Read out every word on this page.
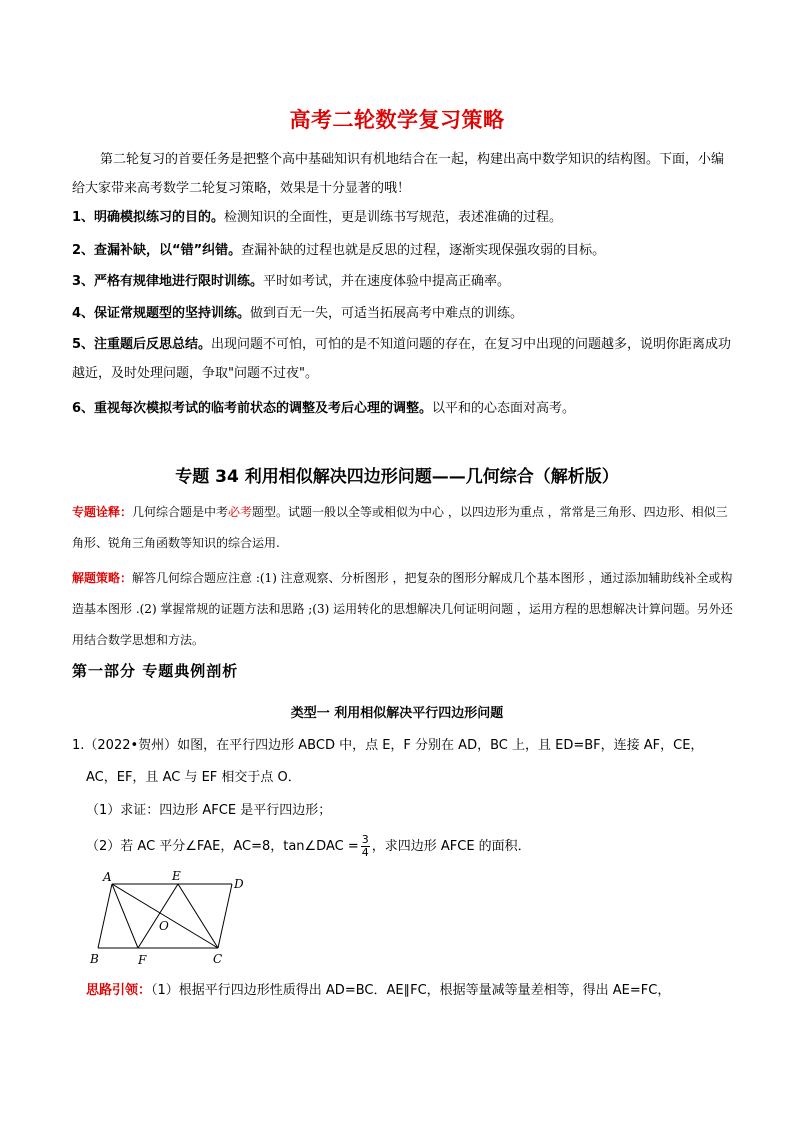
高考二轮数学复习策略
第二轮复习的首要任务是把整个高中基础知识有机地结合在一起，构建出高中数学知识的结构图。下面，小编给大家带来高考数学二轮复习策略，效果是十分显著的哦！
1、明确模拟练习的目的。检测知识的全面性，更是训练书写规范，表述准确的过程。
2、查漏补缺，以“错”纠错。查漏补缺的过程也就是反思的过程，逐渐实现保强攻弱的目标。
3、严格有规律地进行限时训练。平时如考试，并在速度体验中提高正确率。
4、保证常规题型的坚持训练。做到百无一失，可适当拓展高考中难点的训练。
5、注重题后反思总结。出现问题不可怕，可怕的是不知道问题的存在，在复习中出现的问题越多，说明你距离成功越近，及时处理问题，争取"问题不过夜"。
6、重视每次模拟考试的临考前状态的调整及考后心理的调整。以平和的心态面对高考。
专题 34 利用相似解决四边形问题——几何综合（解析版）
专题诠释：几何综合题是中考必考题型。试题一般以全等或相似为中心 ，以四边形为重点 ，常常是三角形、四边形、相似三角形、锐角三角函数等知识的综合运用.
解题策略：解答几何综合题应注意 :(1) 注意观察、分析图形 ，把复杂的图形分解成几个基本图形 ，通过添加辅助线补全或构造基本图形 .(2) 掌握常规的证题方法和思路 ;(3) 运用转化的思想解决几何证明问题 ，运用方程的思想解决计算问题。另外还用结合数学思想和方法。
第一部分 专题典例剖析
类型一 利用相似解决平行四边形问题
1.（2022•贺州）如图，在平行四边形 ABCD 中，点 E，F 分别在 AD，BC 上，且 ED=BF，连接 AF，CE，
AC，EF，且 AC 与 EF 相交于点 O．
（1）求证：四边形 AFCE 是平行四边形；
（2）若 AC 平分∠FAE，AC=8，tan∠DAC = $\frac{3}{4}$ ，求四边形 AFCE 的面积．
A	E
D
B	F	C
O
思路引领：（1）根据平行四边形性质得出 AD=BC．AE∥FC，根据等量减等量差相等，得出 AE=FC，
